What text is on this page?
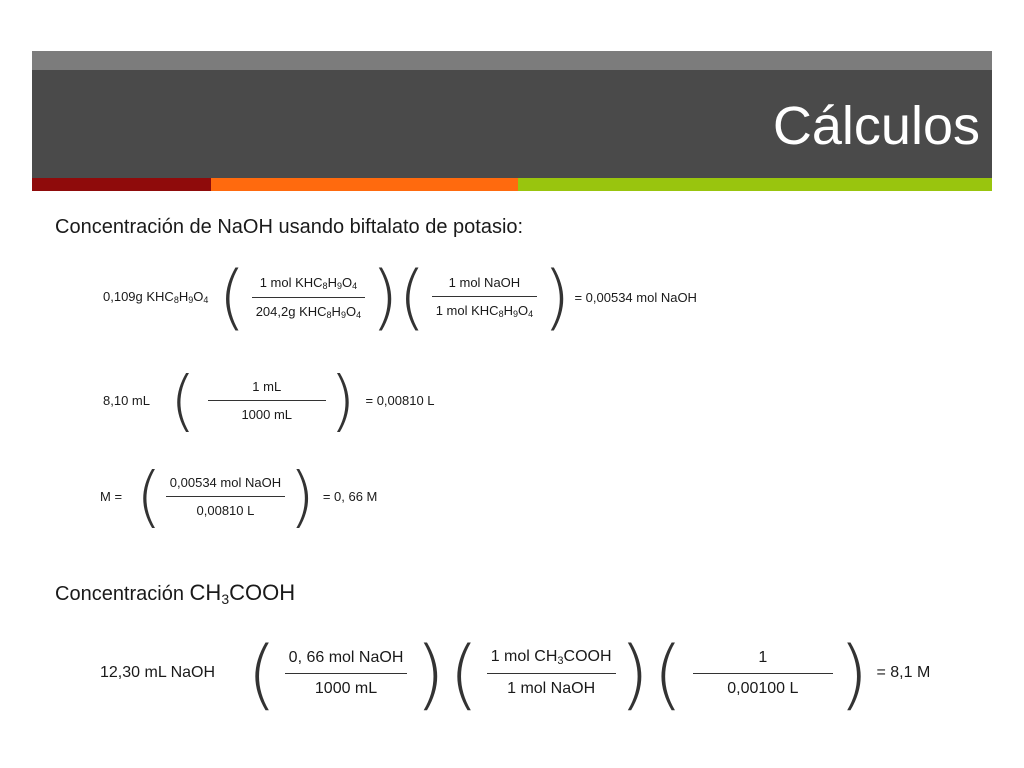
Cálculos
Concentración de NaOH usando biftalato de potasio:
0,109g $KHC_8H_9O_4$ ( $\frac{1 mol KHC_8H_9O_4}{204,2g KHC_8H_9O_4}$ ) ( $\frac{\text{1 mol NaOH}}{1 mol KHC_8H_9O_4}$ ) = 0,00534 mol NaOH
8,10 mL ( $\frac{1 mL}{1000 mL}$ ) = 0,00810 L
M = ( $\frac{\text{0,00534 mol NaOH}}{0,00810 L}$ ) = 0, 66 M
Concentración $CH_3COOH$
12,30 mL NaOH ( $\frac{\text{0, 66 mol NaOH}}{1000 mL}$ ) ( $\frac{1 mol CH_3COOH}{\text{1 mol NaOH}}$ ) ( $\frac{1}{0,00100 L}$ ) = 8,1 M
